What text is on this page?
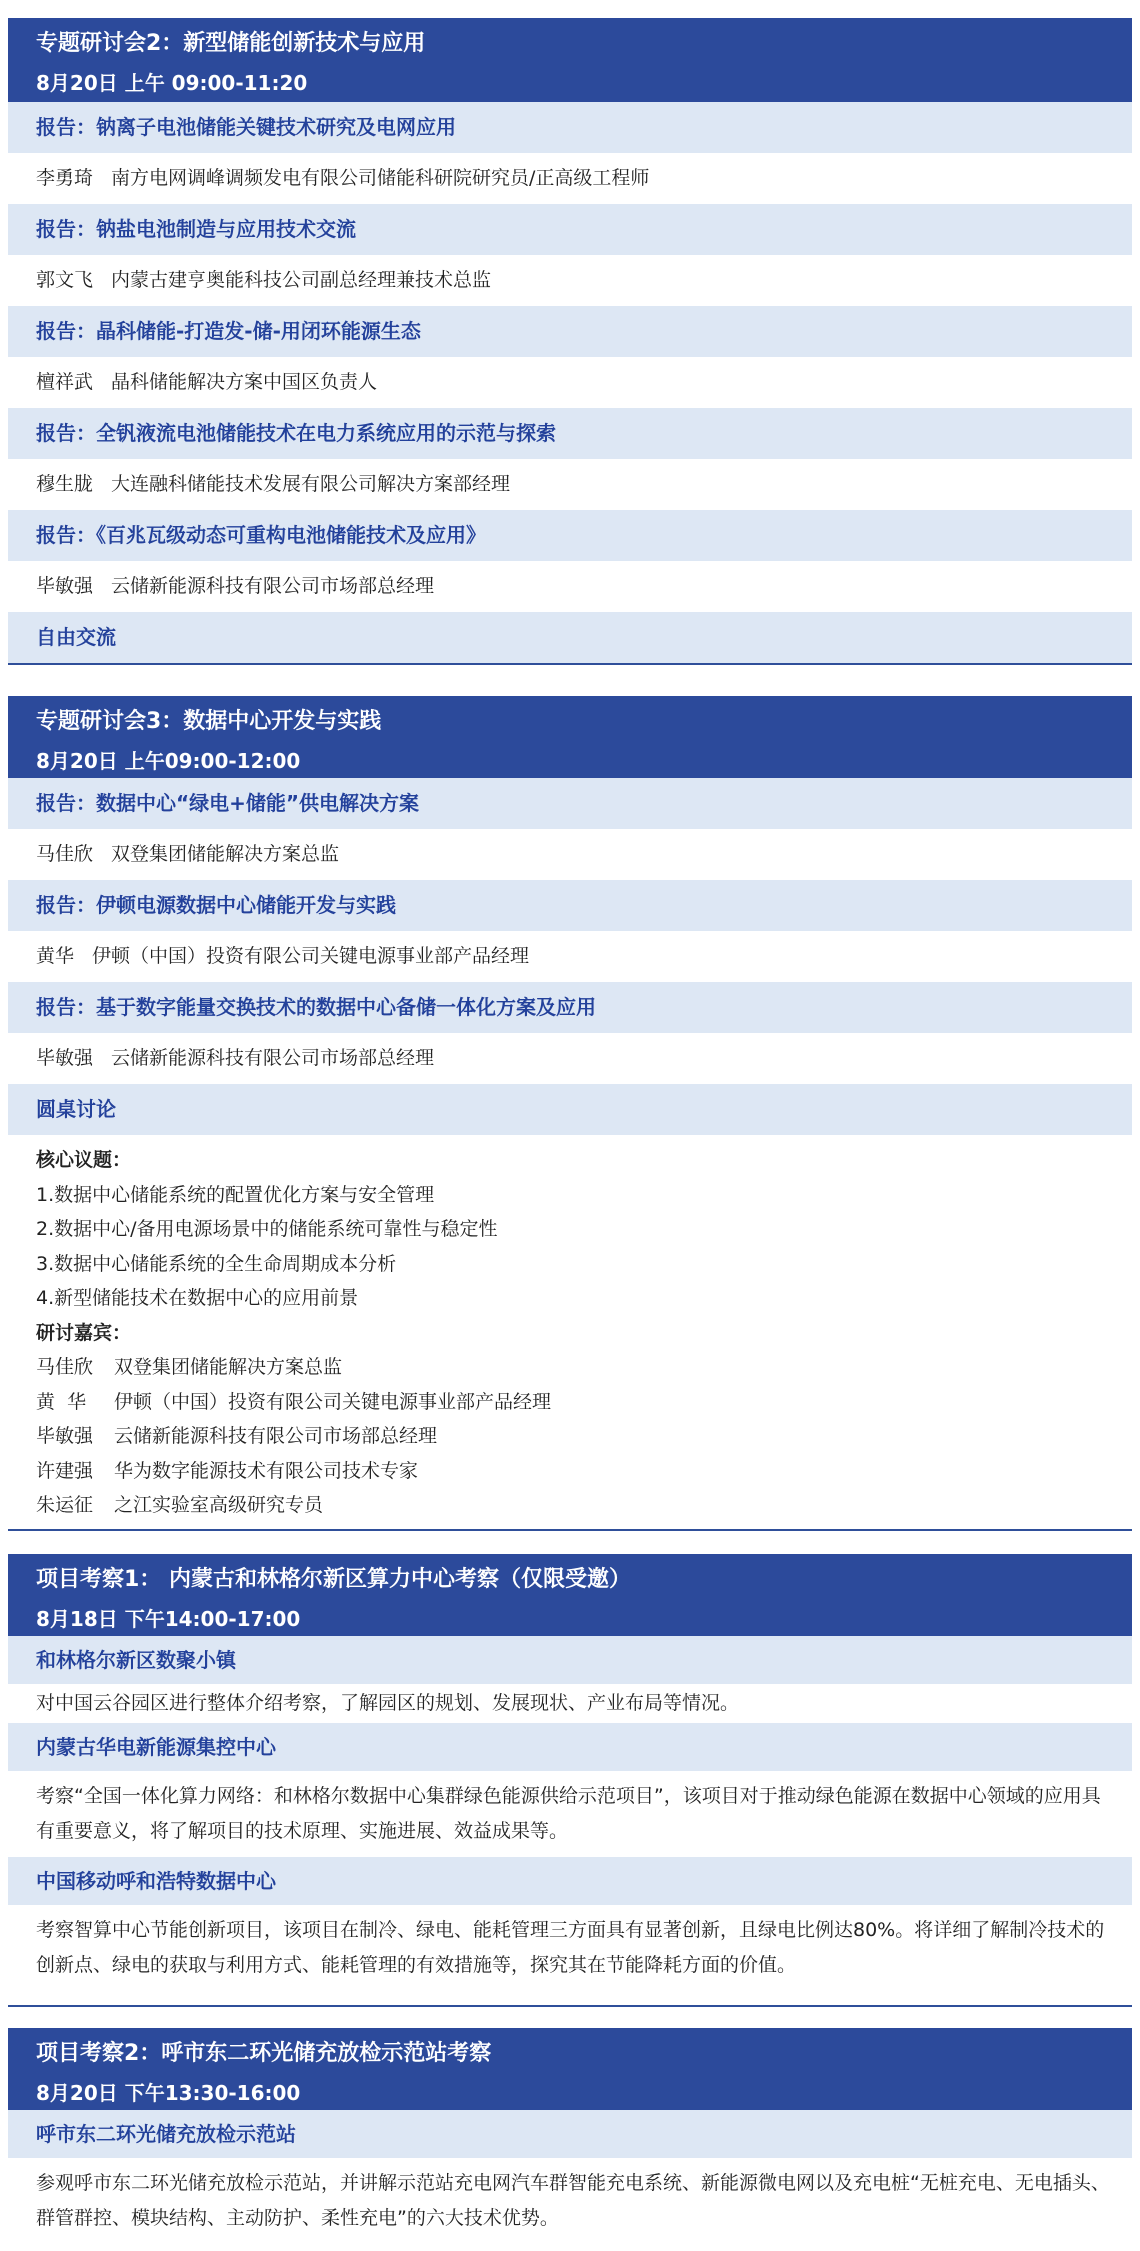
专题研讨会2：新型储能创新技术与应用
8月20日 上午 09:00-11:20
报告：钠离子电池储能关键技术研究及电网应用
李勇琦 南方电网调峰调频发电有限公司储能科研院研究员/正高级工程师
报告：钠盐电池制造与应用技术交流
郭文飞 内蒙古建亨奥能科技公司副总经理兼技术总监
报告：晶科储能-打造发-储-用闭环能源生态
檀祥武 晶科储能解决方案中国区负责人
报告：全钒液流电池储能技术在电力系统应用的示范与探索
穆生胧 大连融科储能技术发展有限公司解决方案部经理
报告：《百兆瓦级动态可重构电池储能技术及应用》
毕敏强 云储新能源科技有限公司市场部总经理
自由交流
专题研讨会3：数据中心开发与实践
8月20日 上午09:00-12:00
报告：数据中心“绿电+储能”供电解决方案
马佳欣 双登集团储能解决方案总监
报告：伊顿电源数据中心储能开发与实践
黄华 伊顿（中国）投资有限公司关键电源事业部产品经理
报告：基于数字能量交换技术的数据中心备储一体化方案及应用
毕敏强 云储新能源科技有限公司市场部总经理
圆桌讨论
核心议题：
1.数据中心储能系统的配置优化方案与安全管理
2.数据中心/备用电源场景中的储能系统可靠性与稳定性
3.数据中心储能系统的全生命周期成本分析
4.新型储能技术在数据中心的应用前景
研讨嘉宾：
马佳欣 双登集团储能解决方案总监
黄  华 伊顿（中国）投资有限公司关键电源事业部产品经理
毕敏强 云储新能源科技有限公司市场部总经理
许建强 华为数字能源技术有限公司技术专家
朱运征 之江实验室高级研究专员
项目考察1： 内蒙古和林格尔新区算力中心考察（仅限受邀）
8月18日 下午14:00-17:00
和林格尔新区数聚小镇
对中国云谷园区进行整体介绍考察，了解园区的规划、发展现状、产业布局等情况。
内蒙古华电新能源集控中心
考察“全国一体化算力网络：和林格尔数据中心集群绿色能源供给示范项目”，该项目对于推动绿色能源在数据中心领域的应用具有重要意义，将了解项目的技术原理、实施进展、效益成果等。
中国移动呼和浩特数据中心
考察智算中心节能创新项目，该项目在制冷、绿电、能耗管理三方面具有显著创新，且绿电比例达80%。将详细了解制冷技术的创新点、绿电的获取与利用方式、能耗管理的有效措施等，探究其在节能降耗方面的价值。
项目考察2：呼市东二环光储充放检示范站考察
8月20日 下午13:30-16:00
呼市东二环光储充放检示范站
参观呼市东二环光储充放检示范站，并讲解示范站充电网汽车群智能充电系统、新能源微电网以及充电桩“无桩充电、无电插头、群管群控、模块结构、主动防护、柔性充电”的六大技术优势。
